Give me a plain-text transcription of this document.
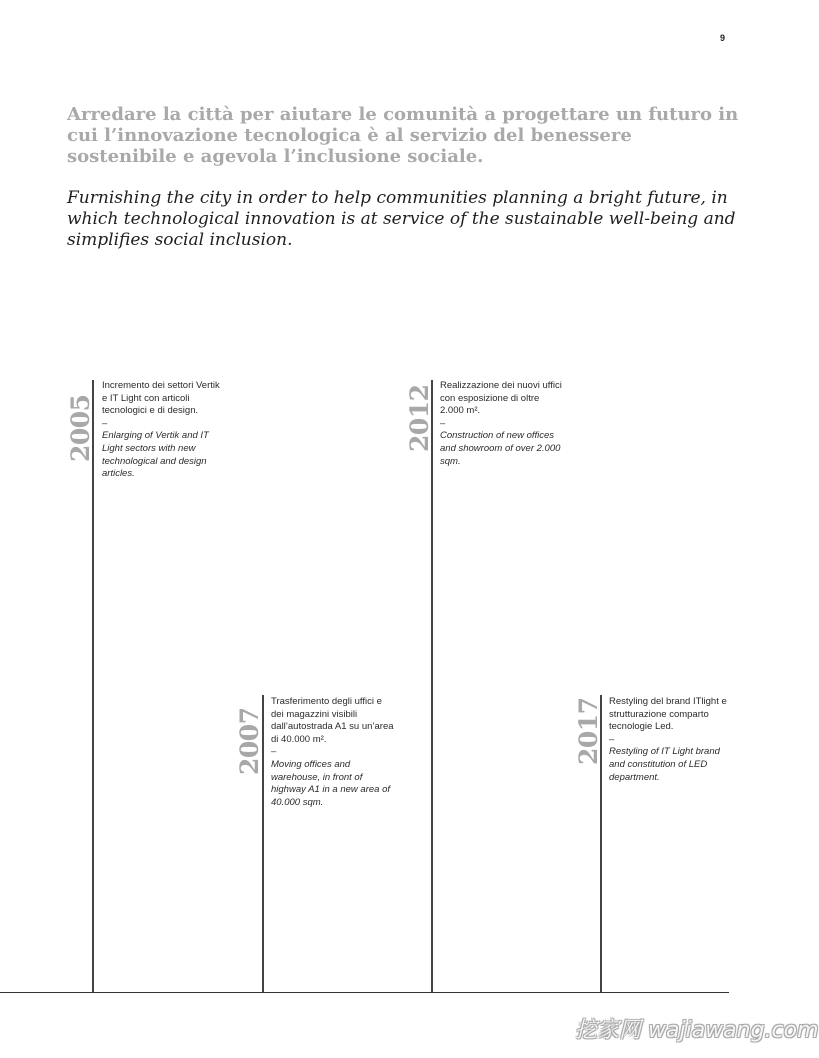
9

Arredare la città per aiutare le comunità a progettare un futuro in cui l’innovazione tecnologica è al servizio del benessere sostenibile e agevola l’inclusione sociale.

Furnishing the city in order to help communities planning a bright future, in which technological innovation is at service of the sustainable well-being and simplifies social inclusion.

2005
Incremento dei settori Vertik e IT Light con articoli tecnologici e di design.
–
Enlarging of Vertik and IT Light sectors with new technological and design articles.
2012 Realizzazione dei nuovi uffici con esposizione di oltre 2.000 m².
–
Construction of new offices and showroom of over 2.000 sqm.
2007
Trasferimento degli uffici e dei magazzini visibili dall’autostrada A1 su un’area di 40.000 m².
–
Moving offices and warehouse, in front of highway A1 in a new area of 40.000 sqm.
2017 Restyling del brand ITlight e strutturazione comparto tecnologie Led.
–
Restyling of IT Light brand and constitution of LED department.
挖家网 wajiawang.com
